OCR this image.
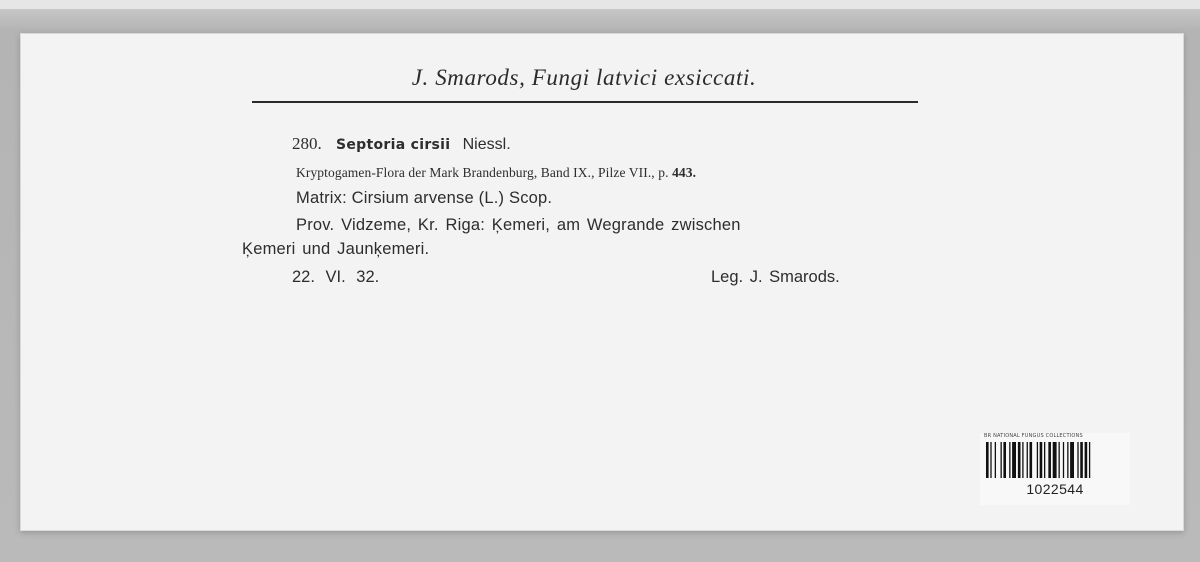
J. Smarods, Fungi latvici exsiccati.
280. Septoria cirsii Niessl.
Kryptogamen-Flora der Mark Brandenburg, Band IX., Pilze VII., p. 443.
Matrix: Cirsium arvense (L.) Scop.
Prov. Vidzeme, Kr. Riga: Ķemeri, am Wegrande zwischen
Ķemeri und Jaunķemeri.
22. VI. 32.	Leg. J. Smarods.
BR NATIONAL FUNGUS COLLECTIONS
1022544
